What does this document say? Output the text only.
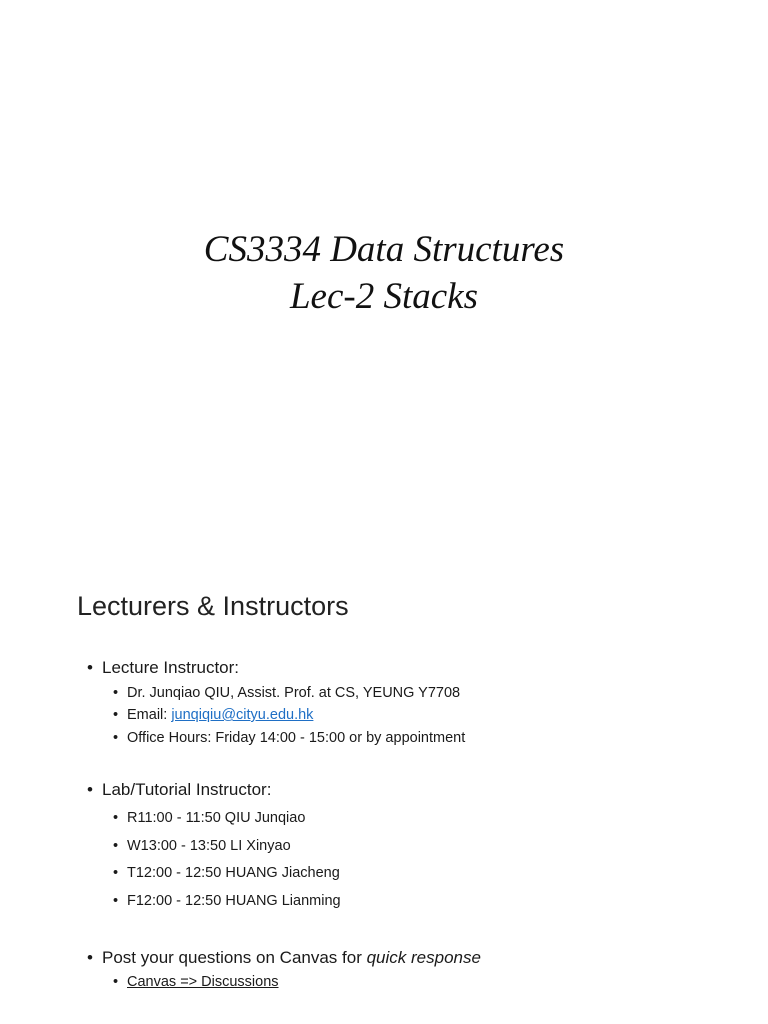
CS3334 Data Structures
Lec-2 Stacks
Lecturers & Instructors
• Lecture Instructor:
• Dr. Junqiao QIU, Assist. Prof. at CS, YEUNG Y7708
• Email: junqiqiu@cityu.edu.hk
• Office Hours: Friday 14:00 - 15:00 or by appointment
• Lab/Tutorial Instructor:
• R11:00 - 11:50 QIU Junqiao
• W13:00 - 13:50 LI Xinyao
• T12:00 - 12:50 HUANG Jiacheng
• F12:00 - 12:50 HUANG Lianming
• Post your questions on Canvas for quick response
• Canvas => Discussions
